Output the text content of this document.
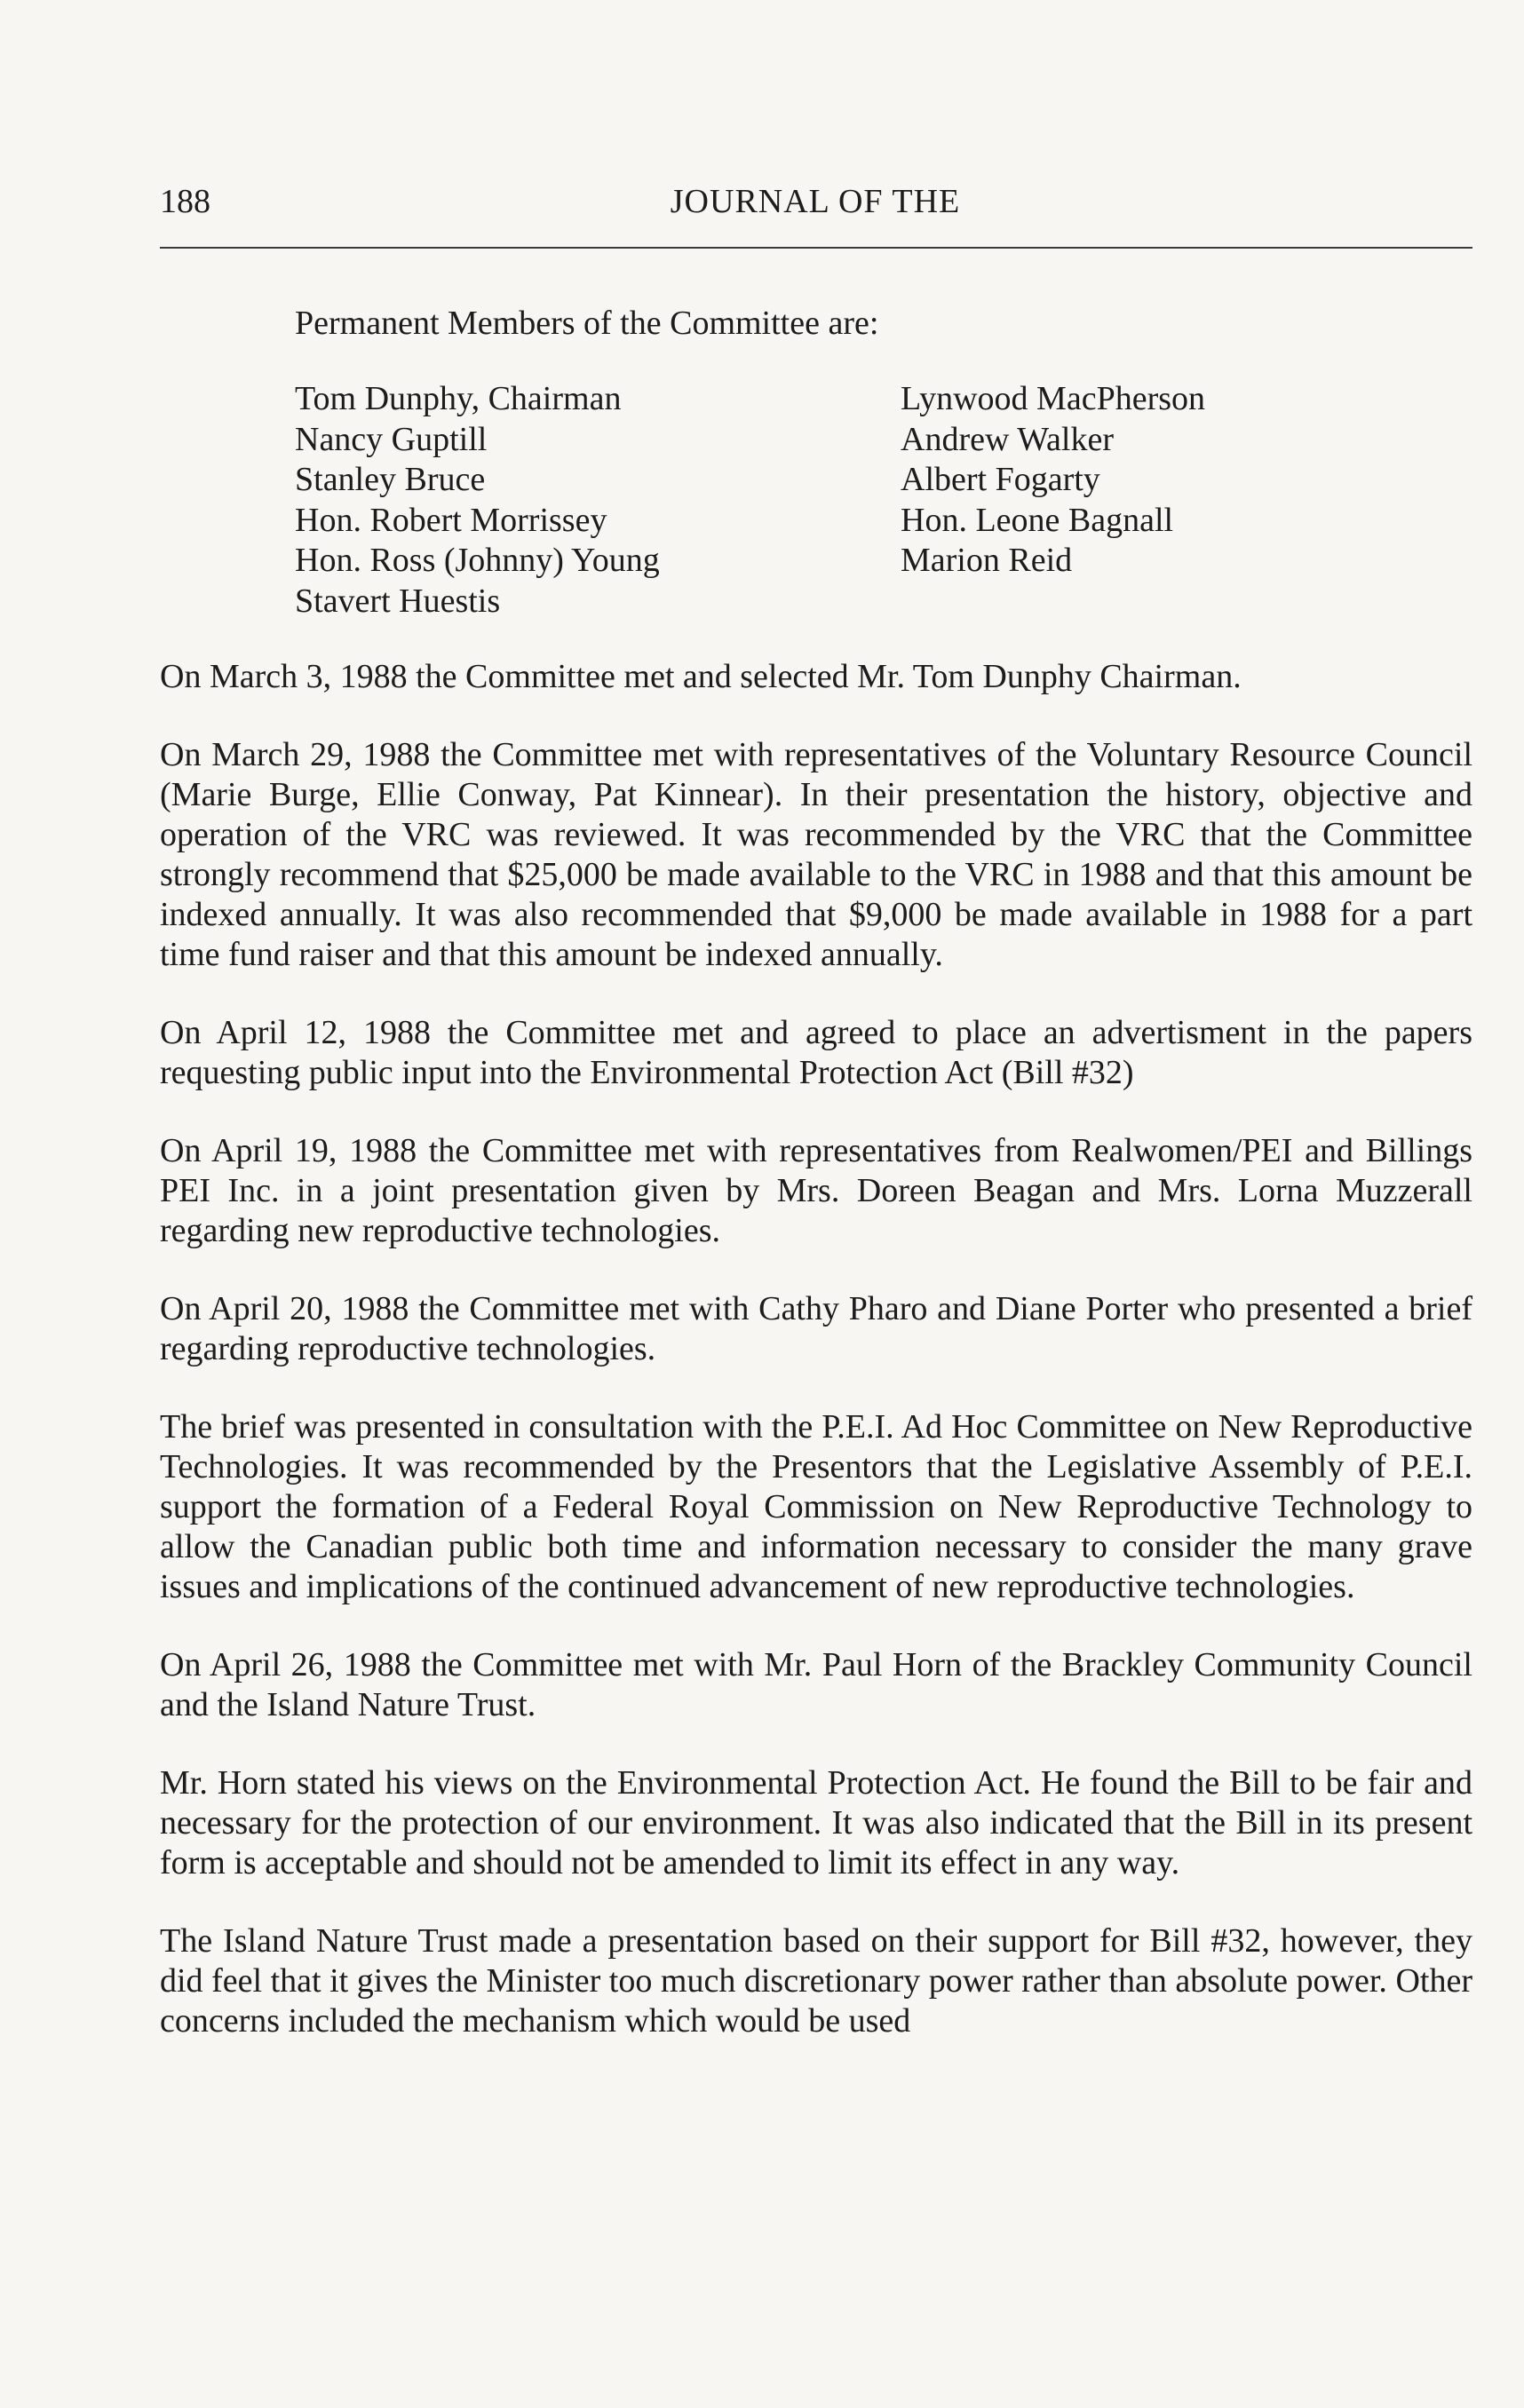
188	JOURNAL OF THE
Permanent Members of the Committee are:
Tom Dunphy, Chairman
Nancy Guptill
Stanley Bruce
Hon. Robert Morrissey
Hon. Ross (Johnny) Young
Stavert Huestis
Lynwood MacPherson
Andrew Walker
Albert Fogarty
Hon. Leone Bagnall
Marion Reid

On March 3, 1988 the Committee met and selected Mr. Tom Dunphy Chairman.

On March 29, 1988 the Committee met with representatives of the Voluntary Resource Council (Marie Burge, Ellie Conway, Pat Kinnear). In their presentation the history, objective and operation of the VRC was reviewed. It was recommended by the VRC that the Committee strongly recommend that $25,000 be made available to the VRC in 1988 and that this amount be indexed annually. It was also recommended that $9,000 be made available in 1988 for a part time fund raiser and that this amount be indexed annually.

On April 12, 1988 the Committee met and agreed to place an advertisment in the papers requesting public input into the Environmental Protection Act (Bill #32)

On April 19, 1988 the Committee met with representatives from Realwomen/PEI and Billings PEI Inc. in a joint presentation given by Mrs. Doreen Beagan and Mrs. Lorna Muzzerall regarding new reproductive technologies.

On April 20, 1988 the Committee met with Cathy Pharo and Diane Porter who presented a brief regarding reproductive technologies.

The brief was presented in consultation with the P.E.I. Ad Hoc Committee on New Reproductive Technologies. It was recommended by the Presentors that the Legislative Assembly of P.E.I. support the formation of a Federal Royal Commission on New Reproductive Technology to allow the Canadian public both time and information necessary to consider the many grave issues and implications of the continued advancement of new reproductive technologies.

On April 26, 1988 the Committee met with Mr. Paul Horn of the Brackley Community Council and the Island Nature Trust.

Mr. Horn stated his views on the Environmental Protection Act. He found the Bill to be fair and necessary for the protection of our environment. It was also indicated that the Bill in its present form is acceptable and should not be amended to limit its effect in any way.

The Island Nature Trust made a presentation based on their support for Bill #32, however, they did feel that it gives the Minister too much discretionary power rather than absolute power. Other concerns included the mechanism which would be used
